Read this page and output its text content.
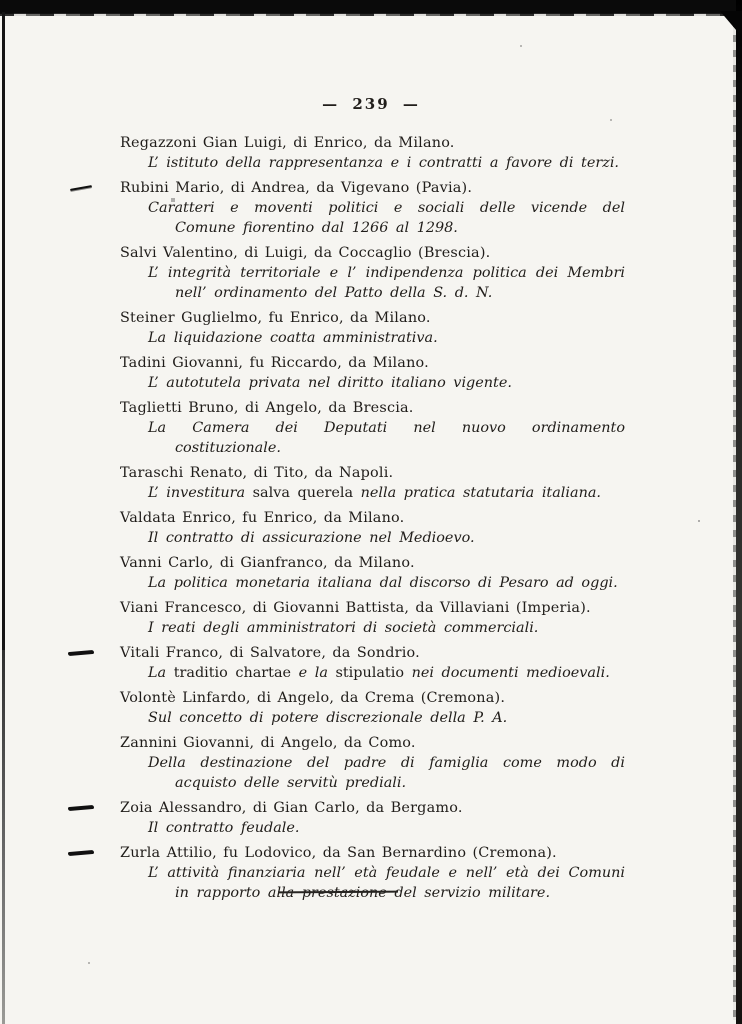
— 239 —
Regazzoni Gian Luigi, di Enrico, da Milano.
L’ istituto della rappresentanza e i contratti a favore di terzi.
Rubini Mario, di Andrea, da Vigevano (Pavia).
Caratteri e moventi politici e sociali delle vicende del Comune fiorentino dal 1266 al 1298.
Salvi Valentino, di Luigi, da Coccaglio (Brescia).
L’ integrità territoriale e l’ indipendenza politica dei Membri nell’ ordinamento del Patto della S. d. N.
Steiner Guglielmo, fu Enrico, da Milano.
La liquidazione coatta amministrativa.
Tadini Giovanni, fu Riccardo, da Milano.
L’ autotutela privata nel diritto italiano vigente.
Taglietti Bruno, di Angelo, da Brescia.
La Camera dei Deputati nel nuovo ordinamento costituzionale.
Taraschi Renato, di Tito, da Napoli.
L’ investitura salva querela nella pratica statutaria italiana.
Valdata Enrico, fu Enrico, da Milano.
Il contratto di assicurazione nel Medioevo.
Vanni Carlo, di Gianfranco, da Milano.
La politica monetaria italiana dal discorso di Pesaro ad oggi.
Viani Francesco, di Giovanni Battista, da Villaviani (Imperia).
I reati degli amministratori di società commerciali.
Vitali Franco, di Salvatore, da Sondrio.
La traditio chartae e la stipulatio nei documenti medioevali.
Volontè Linfardo, di Angelo, da Crema (Cremona).
Sul concetto di potere discrezionale della P. A.
Zannini Giovanni, di Angelo, da Como.
Della destinazione del padre di famiglia come modo di acquisto delle servitù prediali.
Zoia Alessandro, di Gian Carlo, da Bergamo.
Il contratto feudale.
Zurla Attilio, fu Lodovico, da San Bernardino (Cremona).
L’ attività finanziaria nell’ età feudale e nell’ età dei Comuni in rapporto alla prestazione del servizio militare.
